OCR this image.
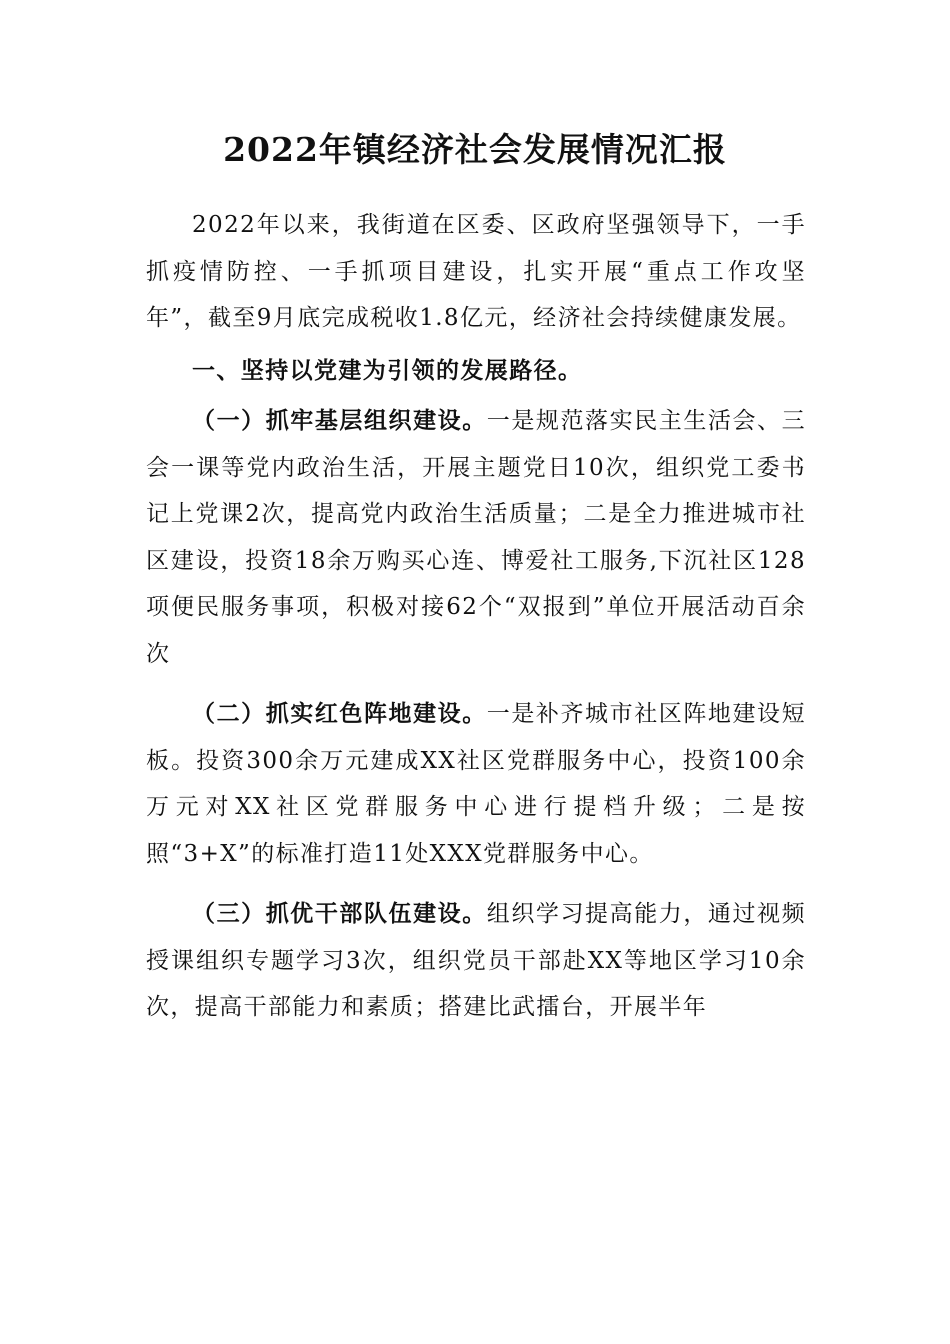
2022年镇经济社会发展情况汇报

2022年以来，我街道在区委、区政府坚强领导下，一手抓疫情防控、一手抓项目建设，扎实开展“重点工作攻坚年”，截至9月底完成税收1.8亿元，经济社会持续健康发展。

一、坚持以党建为引领的发展路径。

（一）抓牢基层组织建设。一是规范落实民主生活会、三会一课等党内政治生活，开展主题党日10次，组织党工委书记上党课2次，提高党内政治生活质量；二是全力推进城市社区建设，投资18余万购买心连、博爱社工服务,下沉社区128项便民服务事项，积极对接62个“双报到”单位开展活动百余次

（二）抓实红色阵地建设。一是补齐城市社区阵地建设短板。投资300余万元建成XX社区党群服务中心，投资100余万元对XX社区党群服务中心进行提档升级；二是按照“3+X”的标准打造11处XXX党群服务中心。

（三）抓优干部队伍建设。组织学习提高能力，通过视频授课组织专题学习3次，组织党员干部赴XX等地区学习10余次，提高干部能力和素质；搭建比武擂台，开展半年
